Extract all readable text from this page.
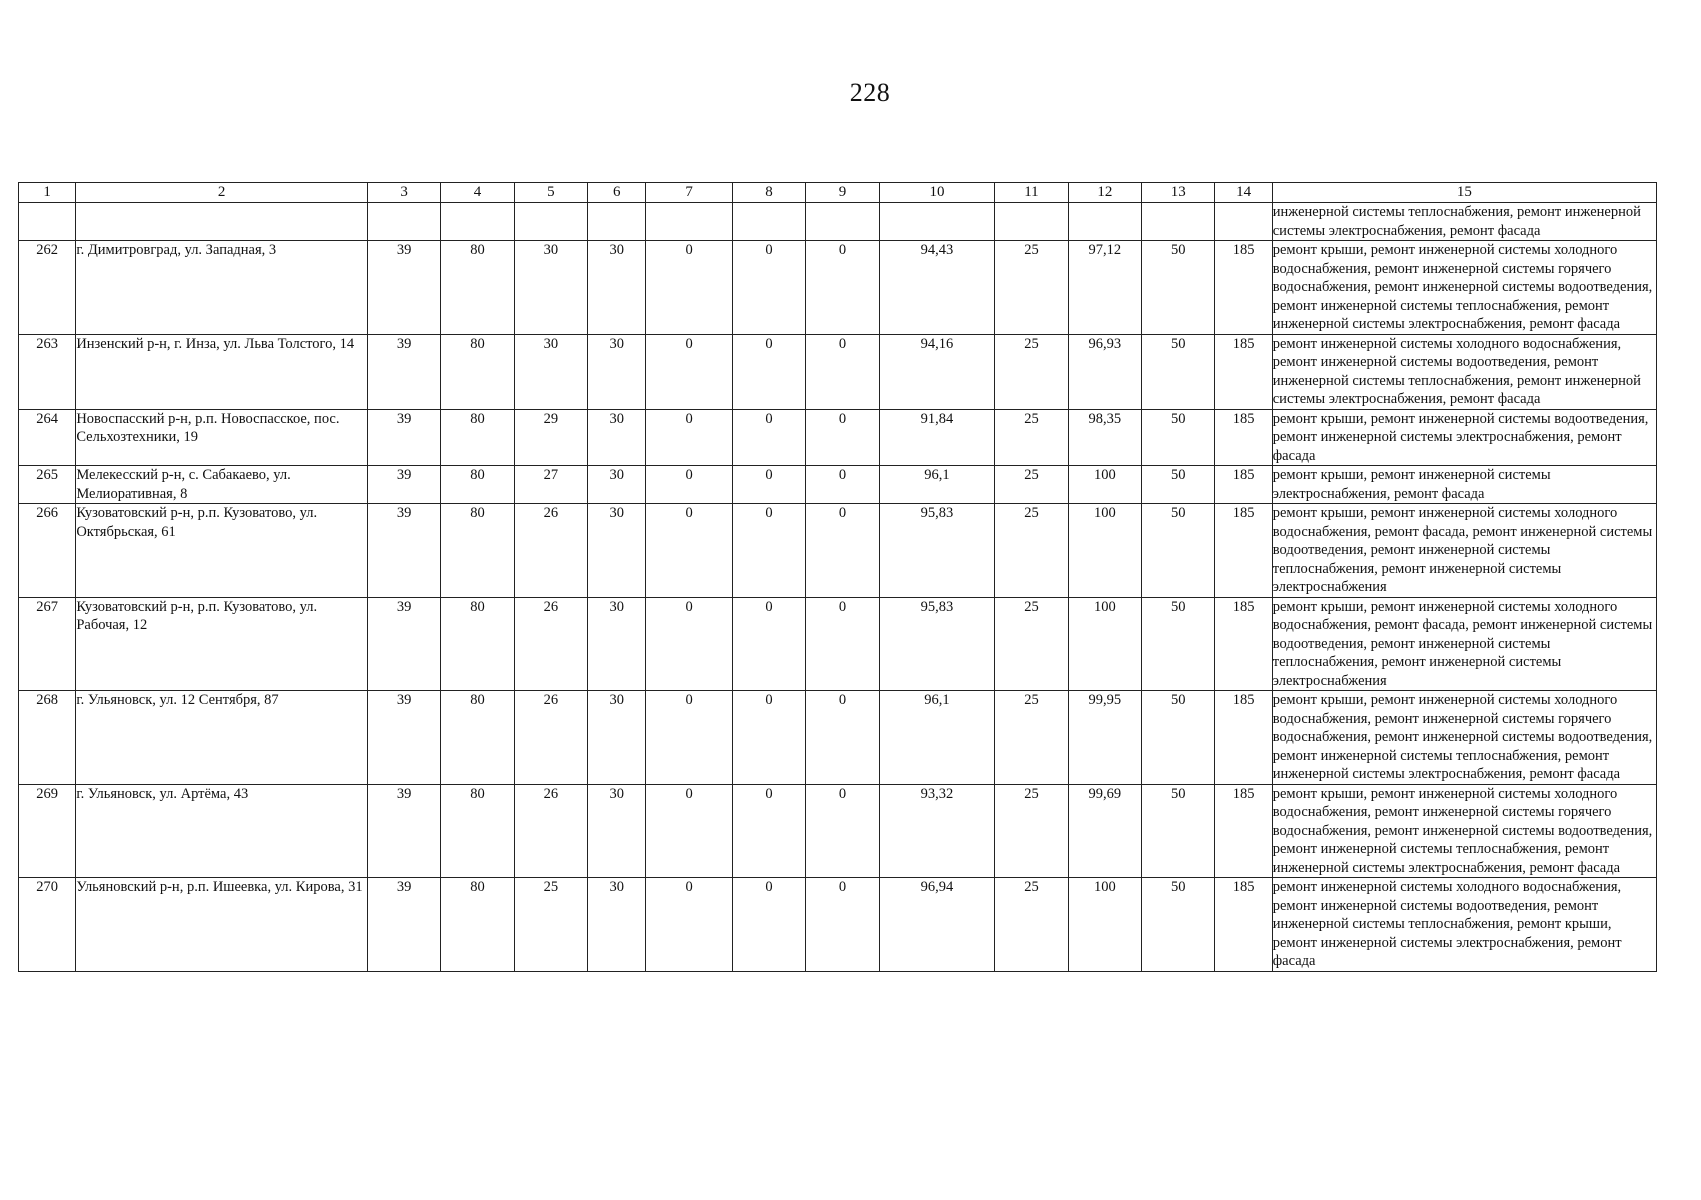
228
1	2	3	4	5	6	7	8	9	10	11	12	13	14	15
														инженерной системы теплоснабжения, ремонт инженерной системы электроснабжения, ремонт фасада
262	г. Димитровград, ул. Западная, 3	39	80	30	30	0	0	0	94,43	25	97,12	50	185	ремонт крыши, ремонт инженерной системы холодного водоснабжения, ремонт инженерной системы горячего водоснабжения, ремонт инженерной системы водоотведения, ремонт инженерной системы теплоснабжения, ремонт инженерной системы электроснабжения, ремонт фасада
263	Инзенский р-н, г. Инза, ул. Льва Толстого, 14	39	80	30	30	0	0	0	94,16	25	96,93	50	185	ремонт инженерной системы холодного водоснабжения, ремонт инженерной системы водоотведения, ремонт инженерной системы теплоснабжения, ремонт инженерной системы электроснабжения, ремонт фасада
264	Новоспасский р-н, р.п. Новоспасское, пос. Сельхозтехники, 19	39	80	29	30	0	0	0	91,84	25	98,35	50	185	ремонт крыши, ремонт инженерной системы водоотведения, ремонт инженерной системы электроснабжения, ремонт фасада
265	Мелекесский р-н, с. Сабакаево, ул. Мелиоративная, 8	39	80	27	30	0	0	0	96,1	25	100	50	185	ремонт крыши, ремонт инженерной системы электроснабжения, ремонт фасада
266	Кузоватовский р-н, р.п. Кузоватово, ул. Октябрьская, 61	39	80	26	30	0	0	0	95,83	25	100	50	185	ремонт крыши, ремонт инженерной системы холодного водоснабжения, ремонт фасада, ремонт инженерной системы водоотведения, ремонт инженерной системы теплоснабжения, ремонт инженерной системы электроснабжения
267	Кузоватовский р-н, р.п. Кузоватово, ул. Рабочая, 12	39	80	26	30	0	0	0	95,83	25	100	50	185	ремонт крыши, ремонт инженерной системы холодного водоснабжения, ремонт фасада, ремонт инженерной системы водоотведения, ремонт инженерной системы теплоснабжения, ремонт инженерной системы электроснабжения
268	г. Ульяновск, ул. 12 Сентября, 87	39	80	26	30	0	0	0	96,1	25	99,95	50	185	ремонт крыши, ремонт инженерной системы холодного водоснабжения, ремонт инженерной системы горячего водоснабжения, ремонт инженерной системы водоотведения, ремонт инженерной системы теплоснабжения, ремонт инженерной системы электроснабжения, ремонт фасада
269	г. Ульяновск, ул. Артёма, 43	39	80	26	30	0	0	0	93,32	25	99,69	50	185	ремонт крыши, ремонт инженерной системы холодного водоснабжения, ремонт инженерной системы горячего водоснабжения, ремонт инженерной системы водоотведения, ремонт инженерной системы теплоснабжения, ремонт инженерной системы электроснабжения, ремонт фасада
270	Ульяновский р-н, р.п. Ишеевка, ул. Кирова, 31	39	80	25	30	0	0	0	96,94	25	100	50	185	ремонт инженерной системы холодного водоснабжения, ремонт инженерной системы водоотведения, ремонт инженерной системы теплоснабжения, ремонт крыши, ремонт инженерной системы электроснабжения, ремонт фасада
